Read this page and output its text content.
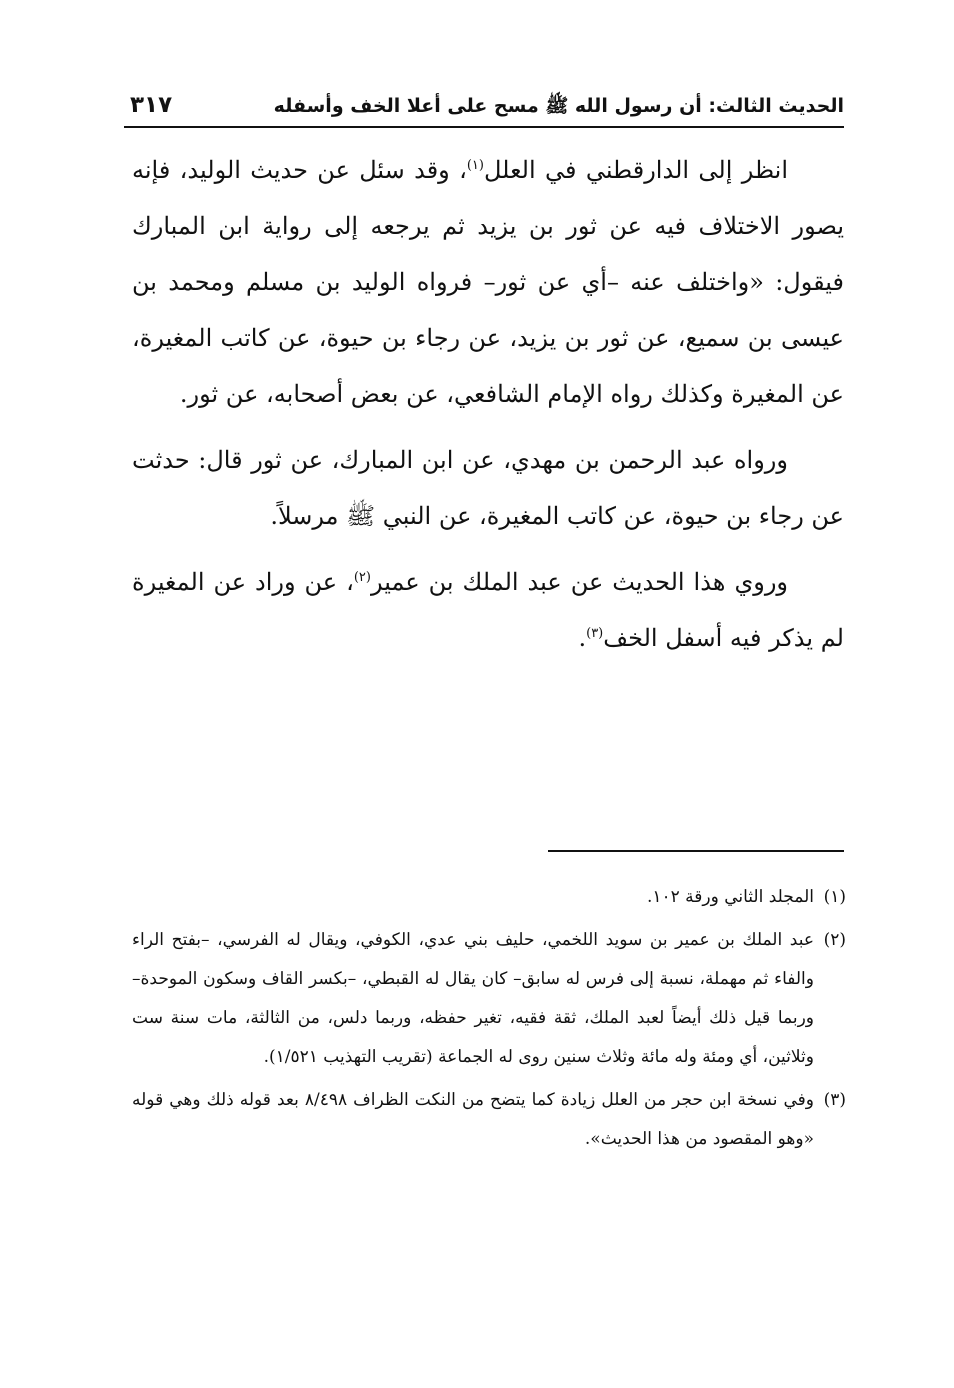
الحديث الثالث: أن رسول الله ﷺ مسح على أعلا الخف وأسفله
٣١٧

انظر إلى الدارقطني في العلل$^{(١)}$، وقد سئل عن حديث الوليد، فإنه يصور الاختلاف فيه عن ثور بن يزيد ثم يرجعه إلى رواية ابن المبارك فيقول: «واختلف عنه –أي عن ثور– فرواه الوليد بن مسلم ومحمد بن عيسى بن سميع، عن ثور بن يزيد، عن رجاء بن حيوة، عن كاتب المغيرة، عن المغيرة وكذلك رواه الإمام الشافعي، عن بعض أصحابه، عن ثور.

ورواه عبد الرحمن بن مهدي، عن ابن المبارك، عن ثور قال: حدثت عن رجاء بن حيوة، عن كاتب المغيرة، عن النبي ﷺ مرسلاً.

وروي هذا الحديث عن عبد الملك بن عمير$^{(٢)}$، عن وراد عن المغيرة لم يذكر فيه أسفل الخف$^{(٣)}$.

(١)
المجلد الثاني ورقة ١٠٢.
(٢)
عبد الملك بن عمير بن سويد اللخمي، حليف بني عدي، الكوفي، ويقال له الفرسي، –بفتح الراء والفاء ثم مهملة، نسبة إلى فرس له سابق– كان يقال له القبطي، –بكسر القاف وسكون الموحدة– وربما قيل ذلك أيضاً لعبد الملك، ثقة فقيه، تغير حفظه، وربما دلس، من الثالثة، مات سنة ست وثلاثين، أي ومئة وله مائة وثلاث سنين روى له الجماعة (تقريب التهذيب ١/٥٢١).
(٣)
وفي نسخة ابن حجر من العلل زيادة كما يتضح من النكت الظراف ٨/٤٩٨ بعد قوله ذلك وهي قوله «وهو المقصود من هذا الحديث».
